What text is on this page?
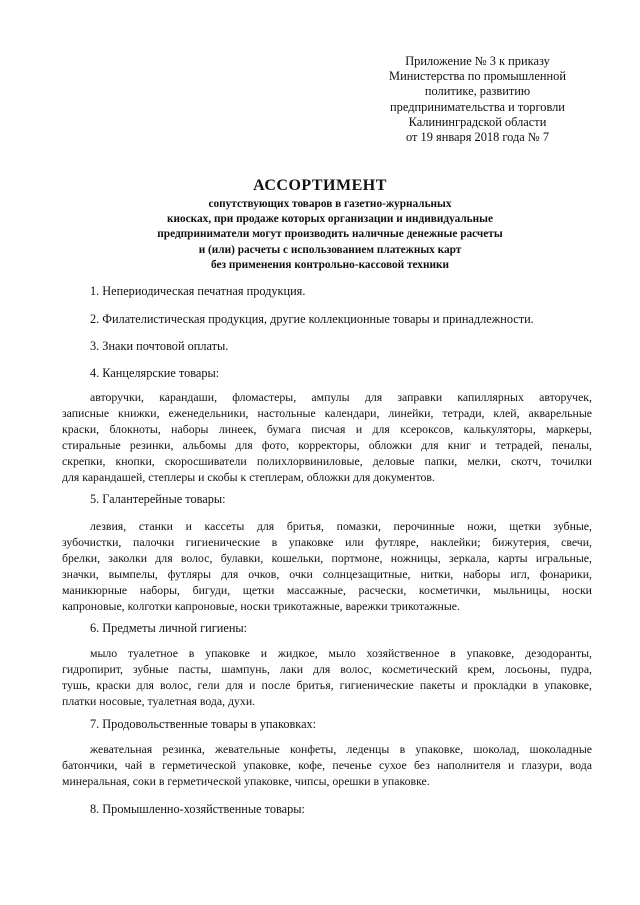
Приложение № 3 к приказу
Министерства по промышленной
политике, развитию
предпринимательства и торговли
Калининградской области
от 19 января 2018 года № 7
АССОРТИМЕНТ
сопутствующих товаров в газетно-журнальных
киосках, при продаже которых организации и индивидуальные
предприниматели могут производить наличные денежные расчеты
и (или) расчеты с использованием платежных карт
без применения контрольно-кассовой техники
1. Непериодическая печатная продукция.
2. Филателистическая продукция, другие коллекционные товары и принадлежности.
3. Знаки почтовой оплаты.
4. Канцелярские товары:
авторучки, карандаши, фломастеры, ампулы для заправки капиллярных авторучек,
записные книжки, еженедельники, настольные календари, линейки, тетради, клей, акварельные
краски, блокноты, наборы линеек, бумага писчая и для ксероксов, калькуляторы, маркеры,
стиральные резинки, альбомы для фото, корректоры, обложки для книг и тетрадей, пеналы,
скрепки, кнопки, скоросшиватели полихлорвиниловые, деловые папки, мелки, скотч, точилки
для карандашей, степлеры и скобы к степлерам, обложки для документов.
5. Галантерейные товары:
лезвия, станки и кассеты для бритья, помазки, перочинные ножи, щетки зубные,
зубочистки, палочки гигиенические в упаковке или футляре, наклейки; бижутерия, свечи,
брелки, заколки для волос, булавки, кошельки, портмоне, ножницы, зеркала, карты игральные,
значки, вымпелы, футляры для очков, очки солнцезащитные, нитки, наборы игл, фонарики,
маникюрные наборы, бигуди, щетки массажные, расчески, косметички, мыльницы, носки
капроновые, колготки капроновые, носки трикотажные, варежки трикотажные.
6. Предметы личной гигиены:
мыло туалетное в упаковке и жидкое, мыло хозяйственное в упаковке, дезодоранты,
гидропирит, зубные пасты, шампунь, лаки для волос, косметический крем, лосьоны, пудра,
тушь, краски для волос, гели для и после бритья, гигиенические пакеты и прокладки в упаковке,
платки носовые, туалетная вода, духи.
7. Продовольственные товары в упаковках:
жевательная резинка, жевательные конфеты, леденцы в упаковке, шоколад, шоколадные
батончики, чай в герметической упаковке, кофе, печенье сухое без наполнителя и глазури, вода
минеральная, соки в герметической упаковке, чипсы, орешки в упаковке.
8. Промышленно-хозяйственные товары:
